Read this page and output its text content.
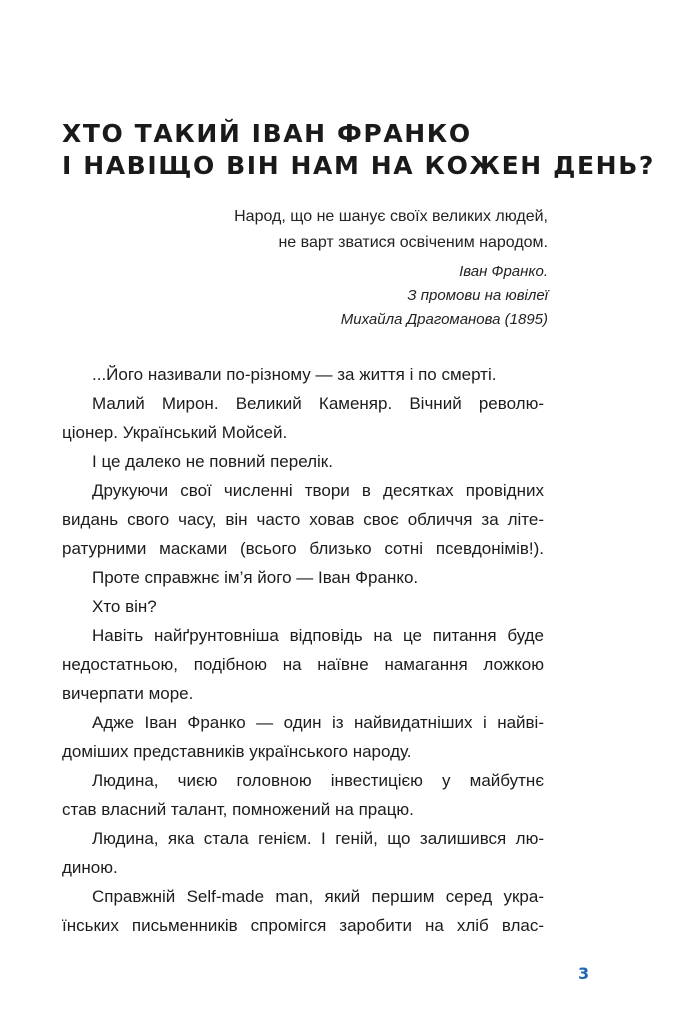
ХТО ТАКИЙ ІВАН ФРАНКО
І НАВІЩО ВІН НАМ НА КОЖЕН ДЕНЬ?
Народ, що не шанує своїх великих людей,
не варт зватися освіченим народом.
Іван Франко.
З промови на ювілеї
Михайла Драгоманова (1895)
...Його називали по-різному — за життя і по смерті.
Малий Мирон. Великий Каменяр. Вічний револю-
ціонер. Український Мойсей.
І це далеко не повний перелік.
Друкуючи свої численні твори в десятках провідних
видань свого часу, він часто ховав своє обличчя за літе-
ратурними масками (всього близько сотні псевдонімів!).
Проте справжнє ім’я його — Іван Франко.
Хто він?
Навіть найґрунтовніша відповідь на це питання буде
недостатньою, подібною на наївне намагання ложкою
вичерпати море.
Адже Іван Франко — один із найвидатніших і найві-
доміших представників українського народу.
Людина, чиєю головною інвестицією у майбутнє
став власний талант, помножений на працю.
Людина, яка стала генієм. І геній, що залишився лю-
диною.
Справжній Self-made man, який першим серед укра-
їнських письменників спромігся заробити на хліб влас-
3
